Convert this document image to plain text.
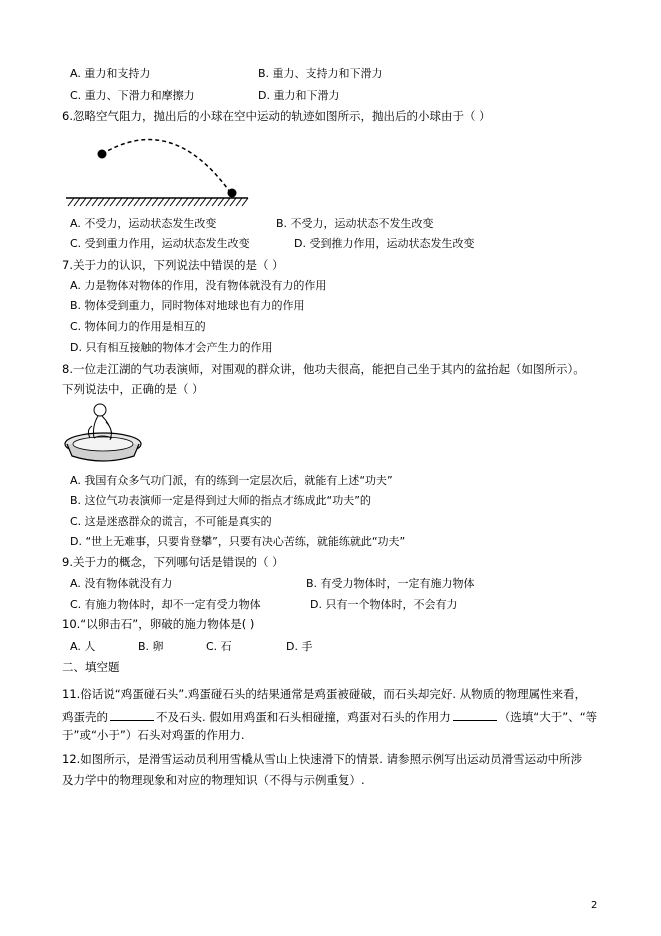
A. 重力和支持力	B. 重力、支持力和下滑力
C. 重力、下滑力和摩擦力	D. 重力和下滑力
6.忽略空气阻力，抛出后的小球在空中运动的轨迹如图所示，抛出后的小球由于（ ）
A. 不受力，运动状态发生改变	B. 不受力，运动状态不发生改变
C. 受到重力作用，运动状态发生改变	D. 受到推力作用，运动状态发生改变
7.关于力的认识，下列说法中错误的是（ ）
A. 力是物体对物体的作用，没有物体就没有力的作用
B. 物体受到重力，同时物体对地球也有力的作用
C. 物体间力的作用是相互的
D. 只有相互接触的物体才会产生力的作用
8.一位走江湖的气功表演师，对围观的群众讲，他功夫很高，能把自己坐于其内的盆抬起（如图所示）。
下列说法中，正确的是（ ）
A. 我国有众多气功门派，有的练到一定层次后，就能有上述“功夫”
B. 这位气功表演师一定是得到过大师的指点才练成此“功夫”的
C. 这是迷惑群众的谎言，不可能是真实的
D. “世上无难事，只要肯登攀”，只要有决心苦练，就能练就此“功夫”
9.关于力的概念，下列哪句话是错误的（ ）
A. 没有物体就没有力	B. 有受力物体时，一定有施力物体
C. 有施力物体时，却不一定有受力物体	D. 只有一个物体时，不会有力
10.“以卵击石”，卵破的施力物体是( )
A. 人	B. 卵	C. 石	D. 手
二、填空题
11.俗话说“鸡蛋碰石头”.鸡蛋碰石头的结果通常是鸡蛋被碰破，而石头却完好. 从物质的物理属性来看，
鸡蛋壳的	不及石头. 假如用鸡蛋和石头相碰撞，鸡蛋对石头的作用力	（选填“大于”、“等
于”或“小于”）石头对鸡蛋的作用力.
12.如图所示，是滑雪运动员利用雪橇从雪山上快速滑下的情景. 请参照示例写出运动员滑雪运动中所涉
及力学中的物理现象和对应的物理知识（不得与示例重复）.
2
